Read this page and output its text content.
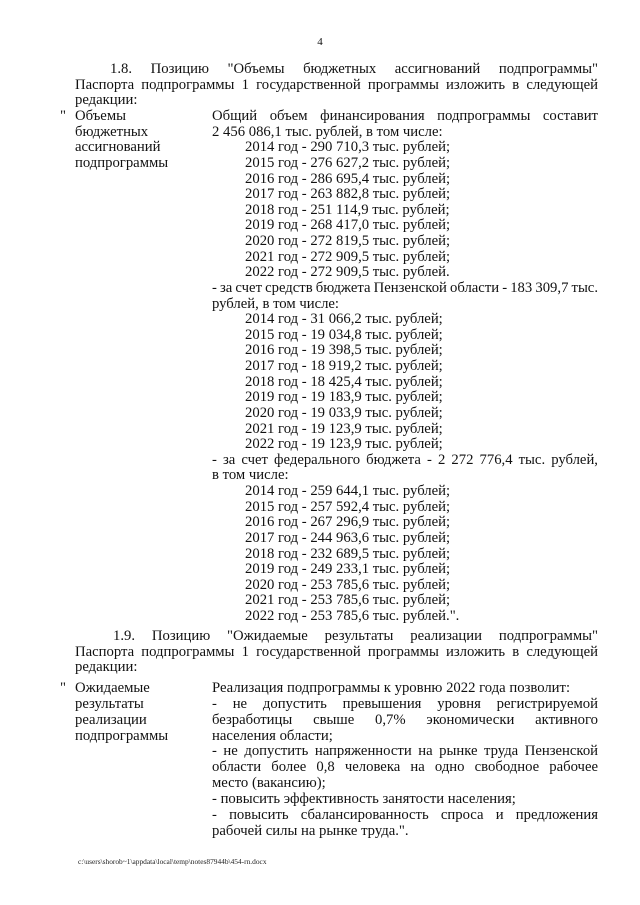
4
1.8. Позицию "Объемы бюджетных ассигнований подпрограммы"
Паспорта подпрограммы 1 государственной программы изложить в следующей
редакции:
" Объемы
бюджетных
ассигнований
подпрограммы
Общий объем финансирования подпрограммы составит
2 456 086,1 тыс. рублей, в том числе:
2014 год - 290 710,3 тыс. рублей;
2015 год - 276 627,2 тыс. рублей;
2016 год - 286 695,4 тыс. рублей;
2017 год - 263 882,8 тыс. рублей;
2018 год - 251 114,9 тыс. рублей;
2019 год - 268 417,0 тыс. рублей;
2020 год - 272 819,5 тыс. рублей;
2021 год - 272 909,5 тыс. рублей;
2022 год - 272 909,5 тыс. рублей.
- за счет средств бюджета Пензенской области - 183 309,7 тыс.
рублей, в том числе:
2014 год - 31 066,2 тыс. рублей;
2015 год - 19 034,8 тыс. рублей;
2016 год - 19 398,5 тыс. рублей;
2017 год - 18 919,2 тыс. рублей;
2018 год - 18 425,4 тыс. рублей;
2019 год - 19 183,9 тыс. рублей;
2020 год - 19 033,9 тыс. рублей;
2021 год - 19 123,9 тыс. рублей;
2022 год - 19 123,9 тыс. рублей;
- за счет федерального бюджета - 2 272 776,4 тыс. рублей,
в том числе:
2014 год - 259 644,1 тыс. рублей;
2015 год - 257 592,4 тыс. рублей;
2016 год - 267 296,9 тыс. рублей;
2017 год - 244 963,6 тыс. рублей;
2018 год - 232 689,5 тыс. рублей;
2019 год - 249 233,1 тыс. рублей;
2020 год - 253 785,6 тыс. рублей;
2021 год - 253 785,6 тыс. рублей;
2022 год - 253 785,6 тыс. рублей.".
1.9. Позицию "Ожидаемые результаты реализации подпрограммы"
Паспорта подпрограммы 1 государственной программы изложить в следующей
редакции:
" Ожидаемые
результаты
реализации
подпрограммы
Реализация подпрограммы к уровню 2022 года позволит:
- не допустить превышения уровня регистрируемой
безработицы свыше 0,7% экономически активного
населения области;
- не допустить напряженности на рынке труда Пензенской
области более 0,8 человека на одно свободное рабочее
место (вакансию);
- повысить эффективность занятости населения;
- повысить сбалансированность спроса и предложения
рабочей силы на рынке труда.".
c:\users\shorob~1\appdata\local\temp\notes87944b\454-rn.docx
